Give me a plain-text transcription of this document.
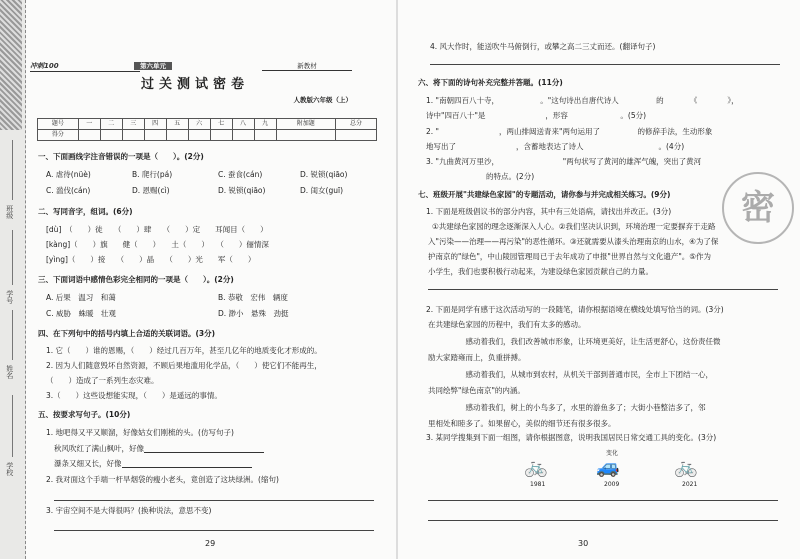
班级
学号
姓名
学校
冲刺100	第六单元	新教材
过关测试密卷
人教版六年级（上）
题号	一	二	三	四	五	六	七	八	九	附加题	总分
得分											
一、下面画线字注音错误的一项是（　　）。(2分)
A. 虐待(nüè)	B. 爬行(pá)	C. 蚕食(cán)	D. 锐锁(qiāo)
C. 滥伐(cán)	D. 恩赐(cì)	D. 锐锁(qiāo)	D. 闺女(guī)
二、写同音字，组词。(6分)
[dù]　（　　）徒　　（　　）肆　　（　　）定　　耳闻目（　　）
[kàng]（　　）旗　　健（　　）　　土（　　）　　（　　）俪情深
[yìng]（　　）接　　（　　）晶　　（　　）光　　军（　　）
三、下面词语中感情色彩完全相同的一项是（　　）。(2分)
A. 后果　温习　和蔼	B. 恭敬　宏伟　辆度
C. 威胁　蛛暖　壮观	D. 渺小　悬殊　劲挺
四、在下列句中的括号内填上合适的关联词语。(3分)
1. 它（　　）谁的恩赐，（　　）经过几百万年，甚至几亿年的地质变化才形成的。
2. 因为人们随意毁坏自然资源，不顾后果地滥用化学品，（　　）使它们不能再生，
（　　）造成了一系列生态灾难。
3.（　　）这些设想能实现，（　　）是遥远的事情。
五、按要求写句子。(10分)
1. 地吧得又平又顺溜，好像姑女们刚梳的头。(仿写句子)
秋风吹红了满山枫叶，好像
瀑条又细又长，好像
2. 我对面这个手端一杆旱烟袋的瘦小老头，竟创造了这块绿洲。(缩句)
3. 宇宙空间不是大得很吗？(换种说法，意思不变)
29
4. 风大作时，能送吹牛马俯倒行，或攀之高二三丈而还。(翻译句子)
六、将下面的诗句补充完整并答题。(11分)
1. "南朝四百八十寺，　　　　　　。"这句诗出自唐代诗人　　　　　的　　　　《　　　　》，
诗中"四百八十"是　　　　　　　　，形容　　　　　　　。(5分)
2. "　　　　　　　　，两山排闼送青来"两句运用了　　　　　的修辞手法，生动形象
地写出了　　　　　　　　，含蓄地表达了诗人　　　　　　　　　　。(4分)
3. "九曲黄河万里沙，　　　　　　　　　"两句状写了黄河的雄浑气魄，突出了黄河
　　　　　　　　的特点。(2分)
七、班级开展"共建绿色家园"的专题活动，请你参与并完成相关练习。(9分)
1. 下面是班级倡议书的部分内容，其中有三处语病，请找出并改正。(3分)
①共建绿色家园的理念逐渐深入人心。②我们坚决认识到，环境治理一定要摒弃于走路
入"污染——治理——再污染"的恶性循环。③还就需要从漆头治理南京的山水，④为了保
护南京的"绿色"，中山陵园管理局已于去年成功了申报"世界自然与文化遗产"。⑤作为
小学生，我们也要积极行动起来，为建设绿色家园贡献自己的力量。
密
2. 下面是同学有感于这次活动写的一段随笔，请你根据语境在横线处填写恰当的词。(3分)
在共建绿色家园的历程中，我们有太多的感动。
　　　　　感动着我们，我们改善城市形象，让环境更美好，让生活更舒心，这份责任微
励大家踏雍而上，负重拼搏。
　　　　　感动着我们，从城市到农村，从机关干部到普通市民，全市上下团结一心，
共同绘弊"绿色南京"的内涵。
　　　　　感动着我们，树上的小鸟多了，水里的游鱼多了；大街小巷整洁多了，邻
里相处和睦多了。如果留心，美似的细节还有很多很多。
3. 某同学搜集到下面一组图，请你根据图意，说明我国居民日常交通工具的变化。(3分)
变化
🚲	🚙	🚲
1981	2009	2021
30
